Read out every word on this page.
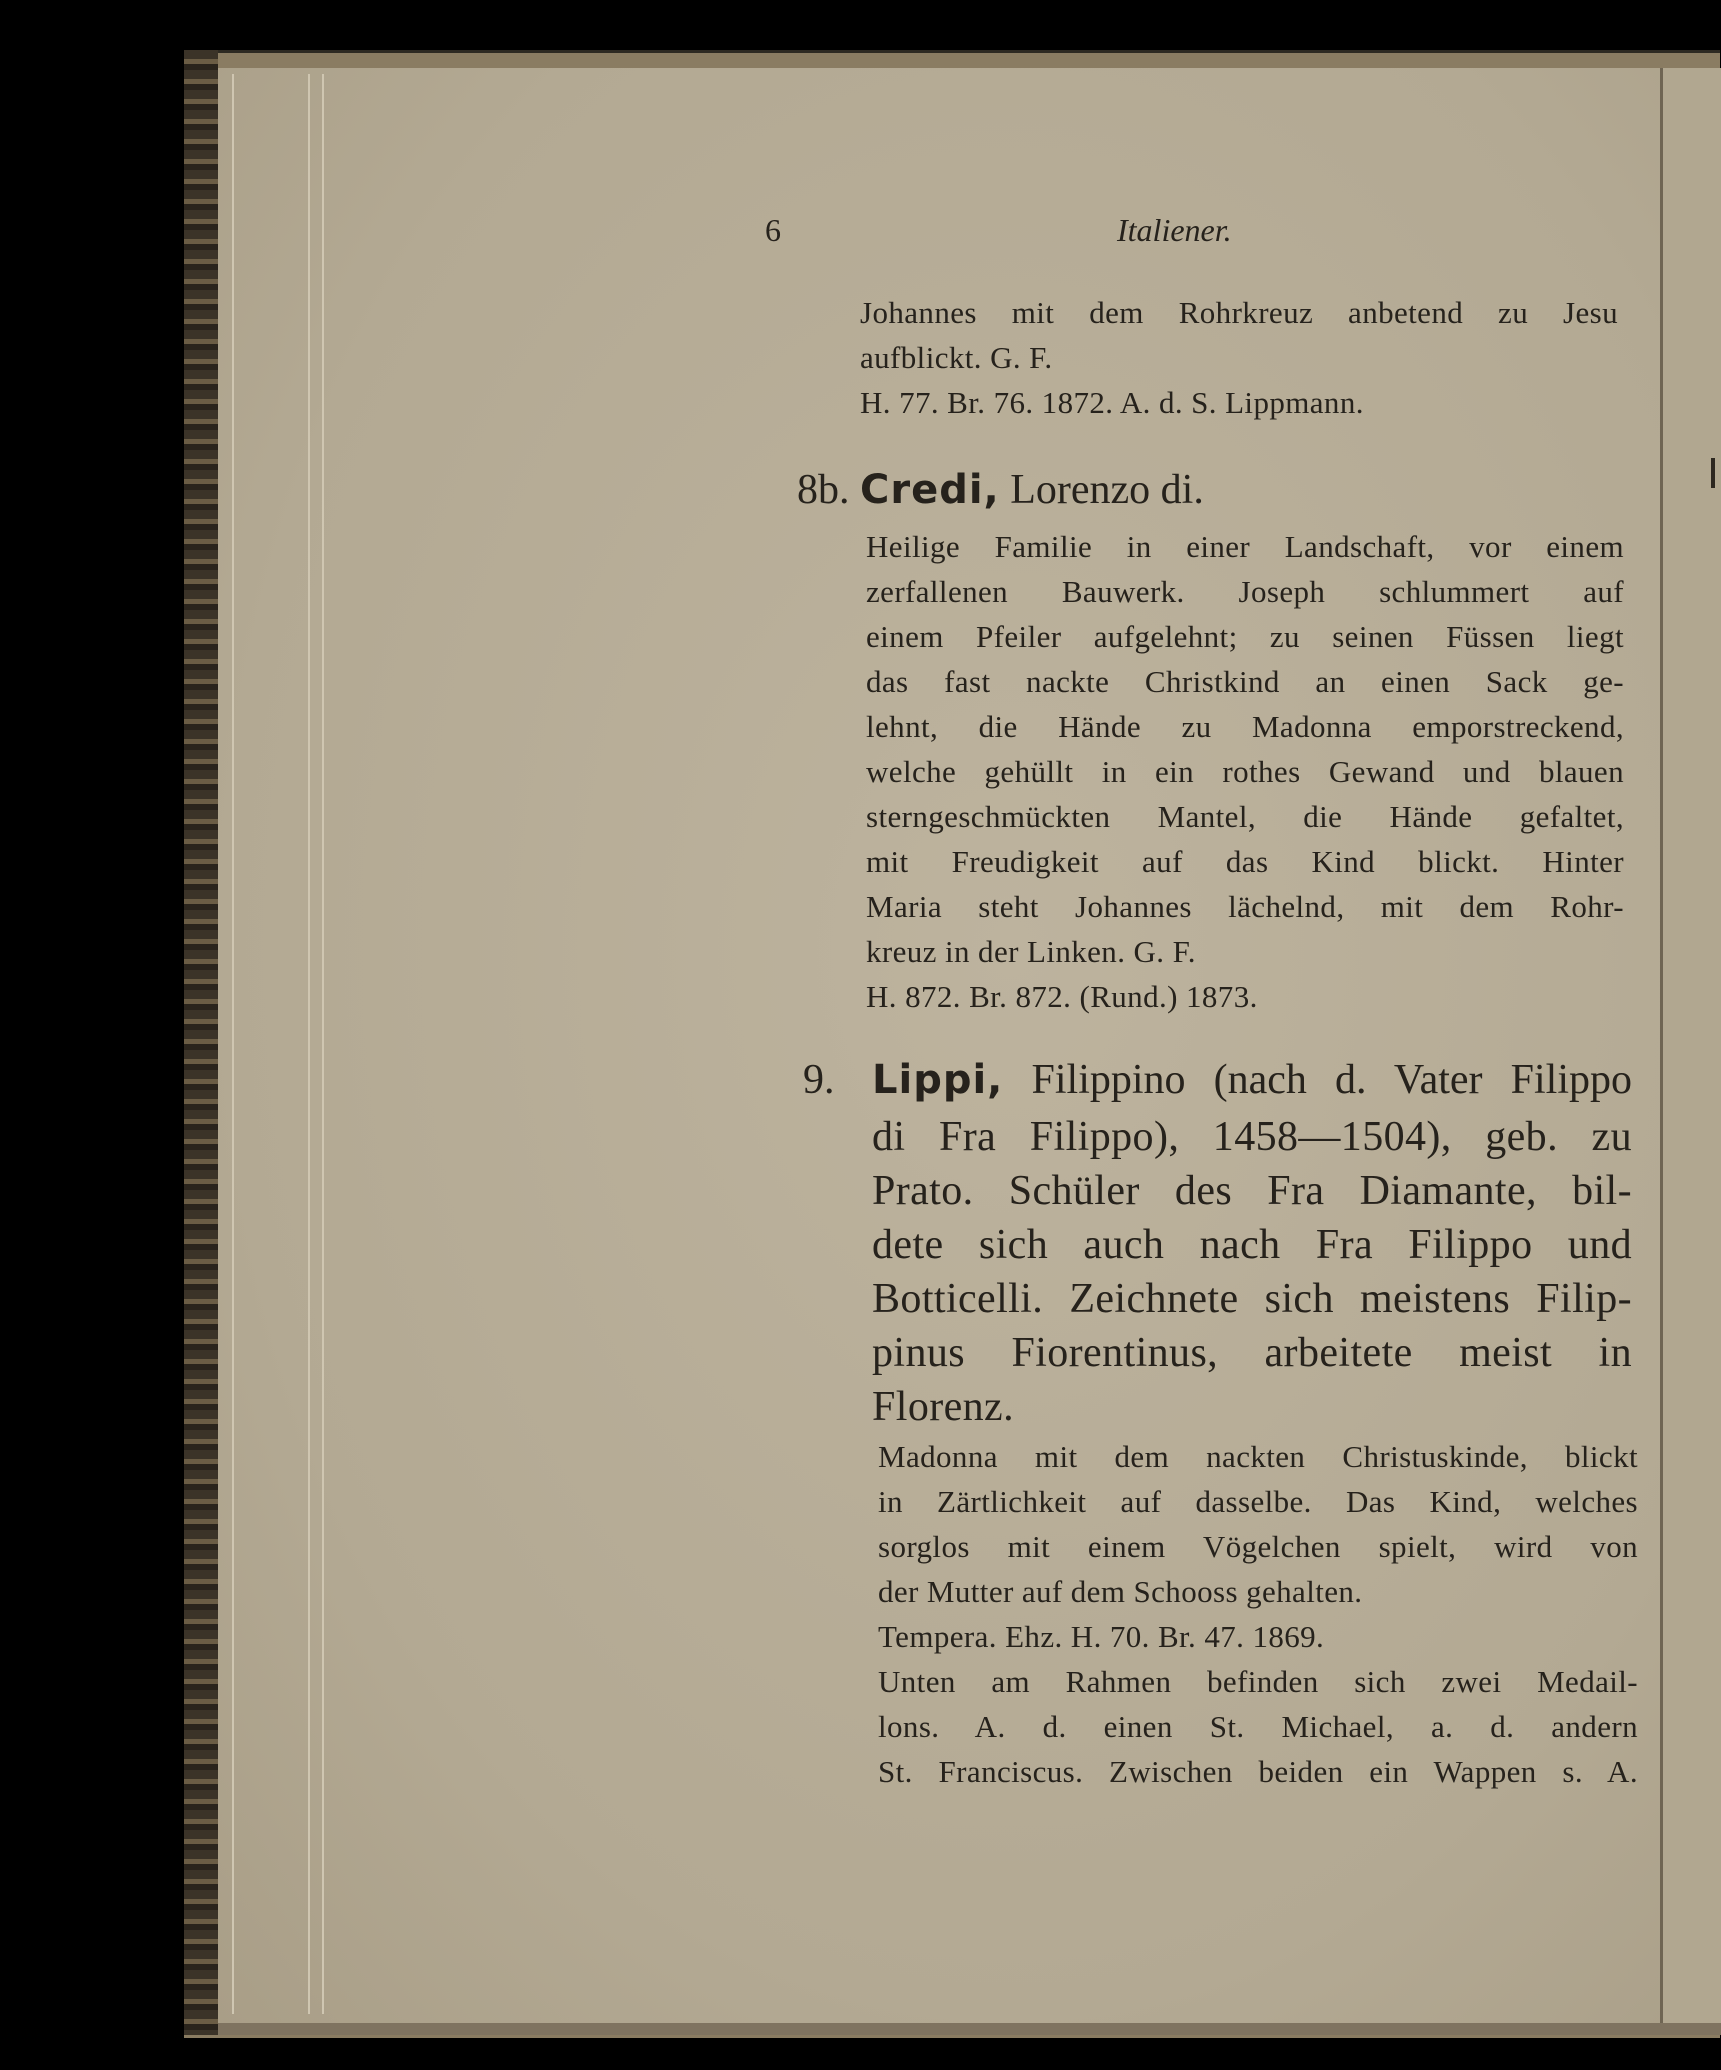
6	Italiener.
Johannes mit dem Rohrkreuz anbetend zu Jesu
aufblickt. G. F.
H. 77. Br. 76. 1872. A. d. S. Lippmann.
8b. Credi, Lorenzo di.
Heilige Familie in einer Landschaft, vor einem
zerfallenen Bauwerk. Joseph schlummert auf
einem Pfeiler aufgelehnt; zu seinen Füssen liegt
das fast nackte Christkind an einen Sack ge-
lehnt, die Hände zu Madonna emporstreckend,
welche gehüllt in ein rothes Gewand und blauen
sterngeschmückten Mantel, die Hände gefaltet,
mit Freudigkeit auf das Kind blickt. Hinter
Maria steht Johannes lächelnd, mit dem Rohr-
kreuz in der Linken. G. F.
H. 872. Br. 872. (Rund.) 1873.
9. Lippi, Filippino (nach d. Vater Filippo
di Fra Filippo), 1458—1504), geb. zu
Prato. Schüler des Fra Diamante, bil-
dete sich auch nach Fra Filippo und
Botticelli. Zeichnete sich meistens Filip-
pinus Fiorentinus, arbeitete meist in
Florenz.
Madonna mit dem nackten Christuskinde, blickt
in Zärtlichkeit auf dasselbe. Das Kind, welches
sorglos mit einem Vögelchen spielt, wird von
der Mutter auf dem Schooss gehalten.
Tempera. Ehz. H. 70. Br. 47. 1869.
Unten am Rahmen befinden sich zwei Medail-
lons. A. d. einen St. Michael, a. d. andern
St. Franciscus. Zwischen beiden ein Wappen s. A.
